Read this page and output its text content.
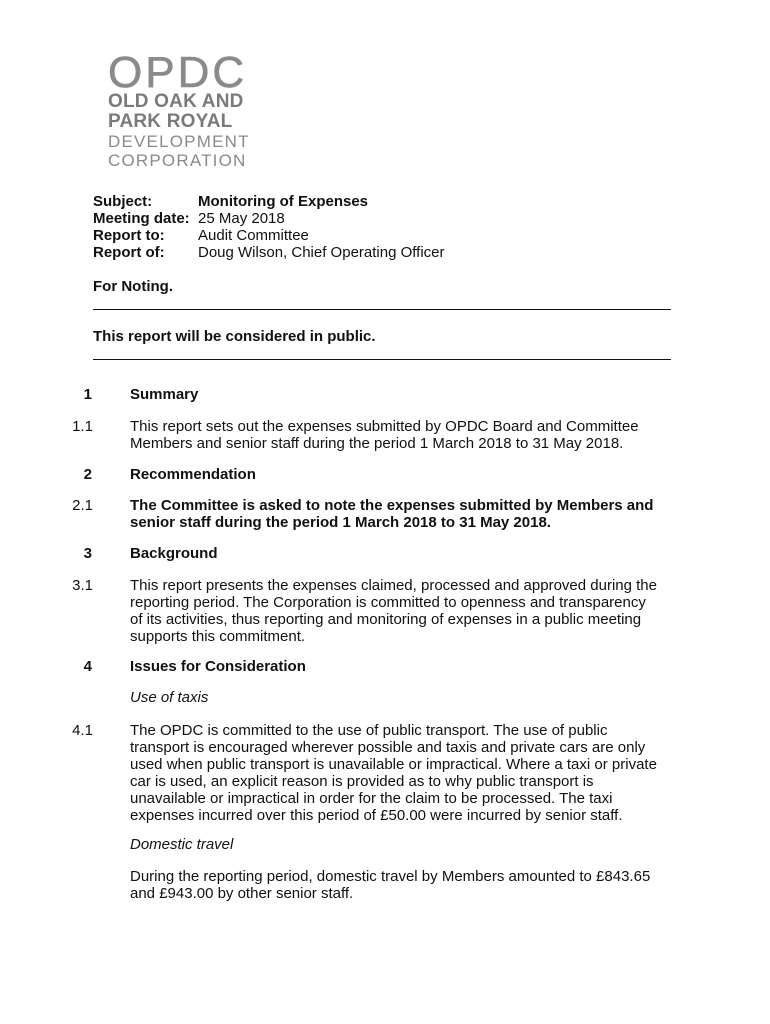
OPDC
OLD OAK AND
PARK ROYAL
DEVELOPMENT
CORPORATION
Subject:	Monitoring of Expenses
Meeting date: 25 May 2018
Report to:	Audit Committee
Report of:	Doug Wilson, Chief Operating Officer
For Noting.
This report will be considered in public.
1	Summary
1.1 This report sets out the expenses submitted by OPDC Board and Committee
Members and senior staff during the period 1 March 2018 to 31 May 2018.
2	Recommendation
2.1 The Committee is asked to note the expenses submitted by Members and
senior staff during the period 1 March 2018 to 31 May 2018.
3	Background
3.1 This report presents the expenses claimed, processed and approved during the
reporting period. The Corporation is committed to openness and transparency
of its activities, thus reporting and monitoring of expenses in a public meeting
supports this commitment.
4	Issues for Consideration
Use of taxis
4.1 The OPDC is committed to the use of public transport. The use of public
transport is encouraged wherever possible and taxis and private cars are only
used when public transport is unavailable or impractical. Where a taxi or private
car is used, an explicit reason is provided as to why public transport is
unavailable or impractical in order for the claim to be processed. The taxi
expenses incurred over this period of £50.00 were incurred by senior staff.
Domestic travel
During the reporting period, domestic travel by Members amounted to £843.65
and £943.00 by other senior staff.
